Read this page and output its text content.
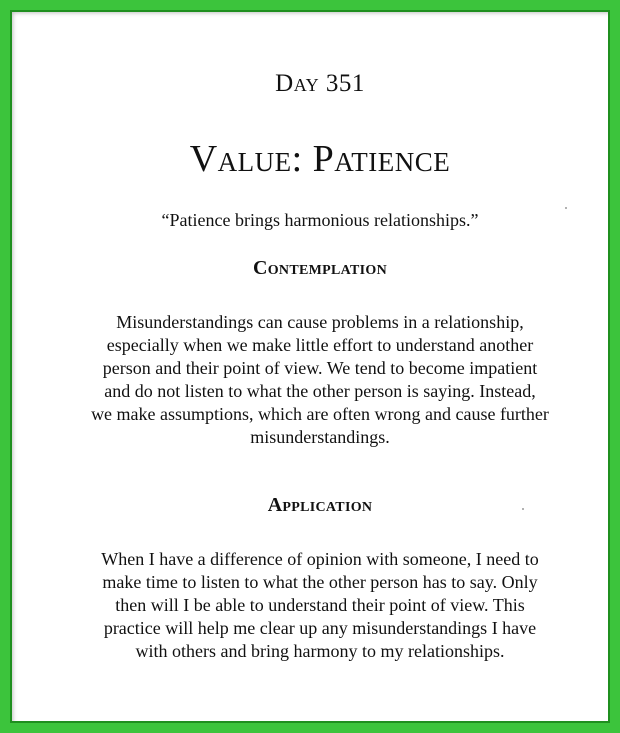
Day 351
Value: Patience
“Patience brings harmonious relationships.”
Contemplation
Misunderstandings can cause problems in a relationship,
especially when we make little effort to understand another
person and their point of view. We tend to become impatient
and do not listen to what the other person is saying. Instead,
we make assumptions, which are often wrong and cause further
misunderstandings.
Application
When I have a difference of opinion with someone, I need to
make time to listen to what the other person has to say. Only
then will I be able to understand their point of view. This
practice will help me clear up any misunderstandings I have
with others and bring harmony to my relationships.
